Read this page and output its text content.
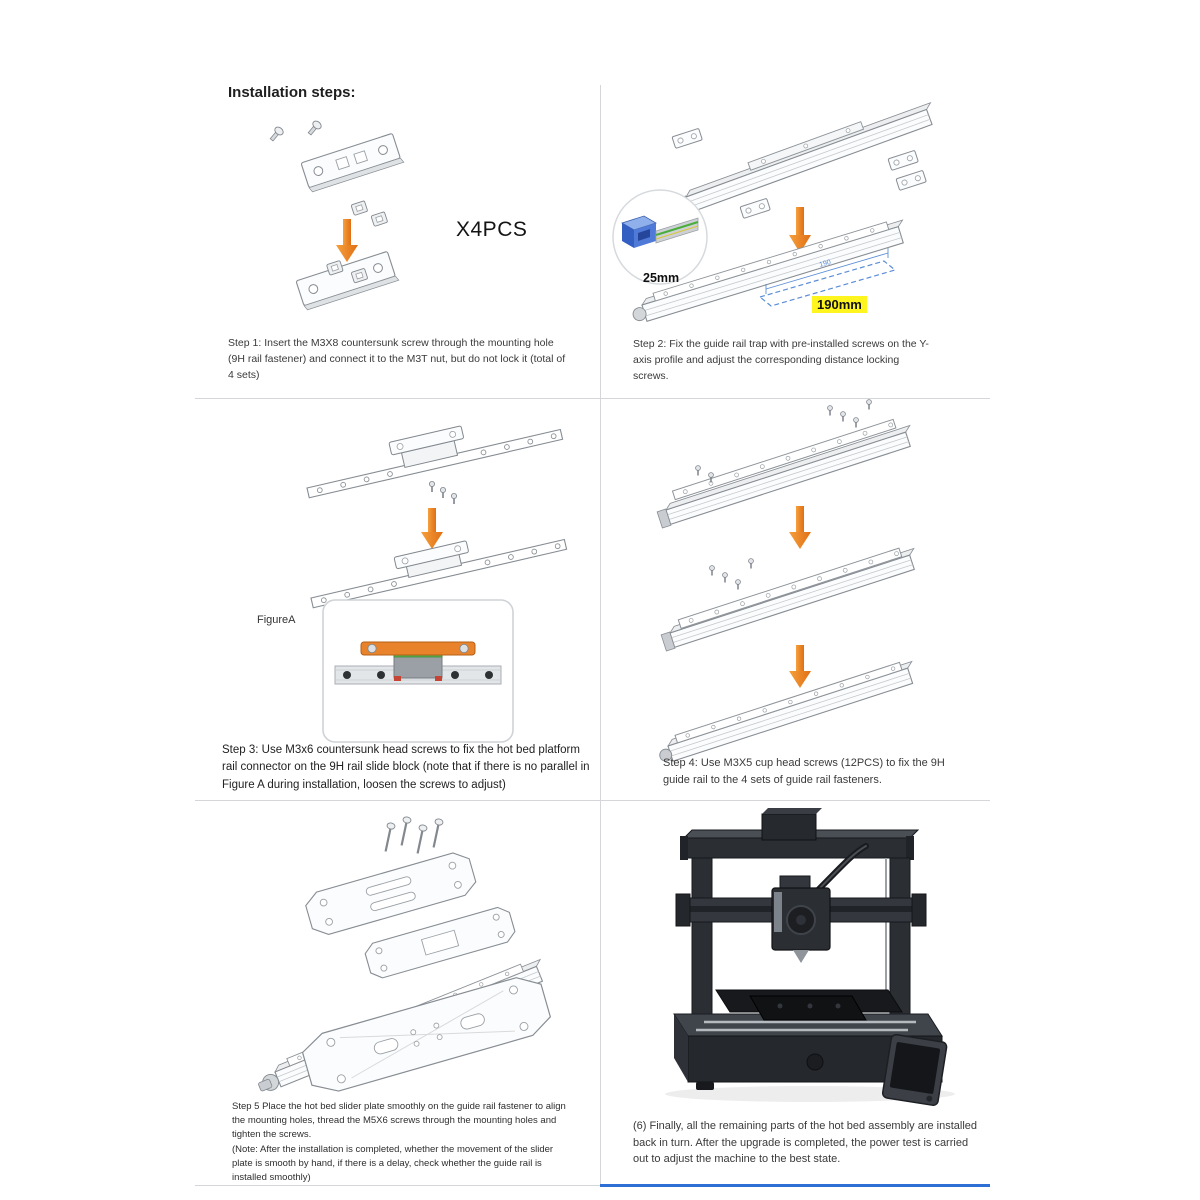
Installation steps:
X4PCS
Step 1: Insert the M3X8 countersunk screw through the mounting hole (9H rail fastener) and connect it to the M3T nut, but do not lock it (total of 4 sets)
190
25mm
190mm
Step 2: Fix the guide rail trap with pre-installed screws on the Y-axis profile and adjust the corresponding distance locking screws.
FigureA
Step 3: Use M3x6 countersunk head screws to fix the hot bed platform rail connector on the 9H rail slide block (note that if there is no parallel in Figure A during installation, loosen the screws to adjust)
Step 4: Use M3X5 cup head screws (12PCS) to fix the 9H guide rail to the 4 sets of guide rail fasteners.
Step 5 Place the hot bed slider plate smoothly on the guide rail fastener to align the mounting holes, thread the M5X6 screws through the mounting holes and tighten the screws.
(Note: After the installation is completed, whether the movement of the slider plate is smooth by hand, if there is a delay, check whether the guide rail is installed smoothly)
(6) Finally, all the remaining parts of the hot bed assembly are installed back in turn. After the upgrade is completed, the power test is carried out to adjust the machine to the best state.
